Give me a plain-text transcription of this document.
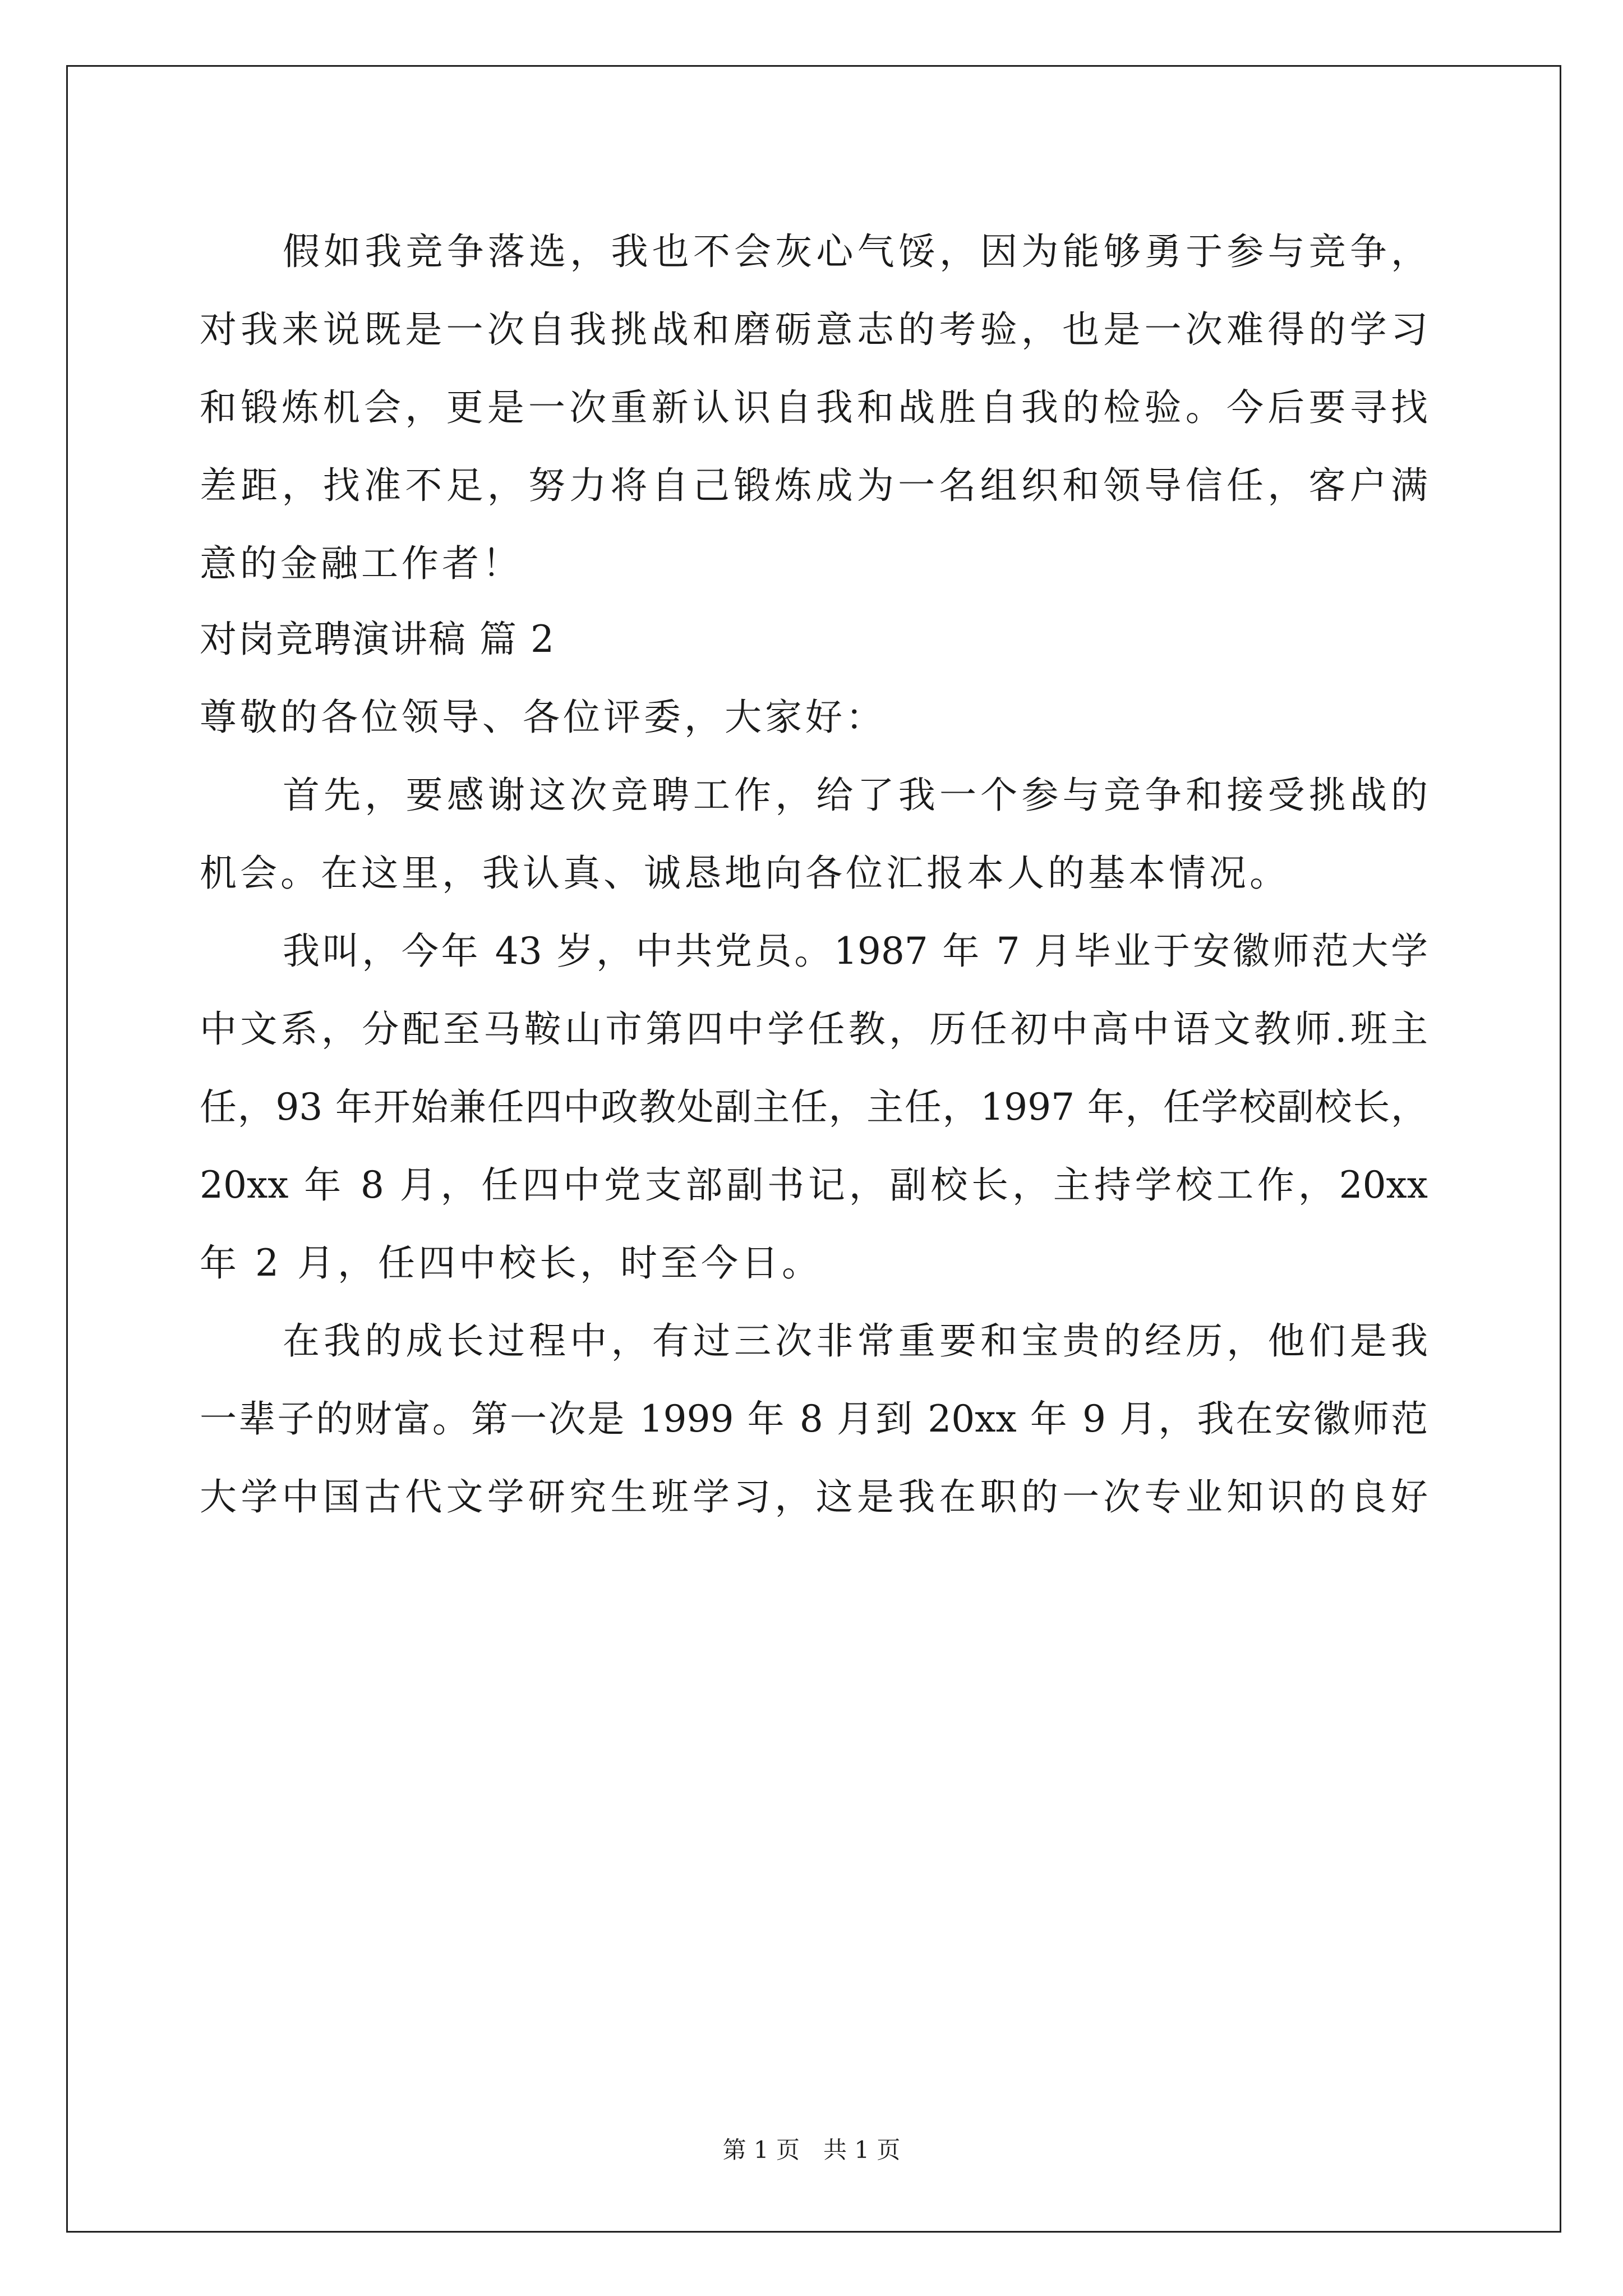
假如我竞争落选，我也不会灰心气馁，因为能够勇于参与竞争，
对我来说既是一次自我挑战和磨砺意志的考验，也是一次难得的学习
和锻炼机会，更是一次重新认识自我和战胜自我的检验。今后要寻找
差距，找准不足，努力将自己锻炼成为一名组织和领导信任，客户满
意的金融工作者！
对岗竞聘演讲稿 篇 2
尊敬的各位领导、各位评委，大家好：
首先，要感谢这次竞聘工作，给了我一个参与竞争和接受挑战的
机会。在这里，我认真、诚恳地向各位汇报本人的基本情况。
我叫，今年 43 岁，中共党员。1987 年 7 月毕业于安徽师范大学
中文系，分配至马鞍山市第四中学任教，历任初中高中语文教师.班主
任，93 年开始兼任四中政教处副主任，主任，1997 年，任学校副校长，
20xx 年 8 月，任四中党支部副书记，副校长，主持学校工作，20xx
年 2 月，任四中校长，时至今日。
在我的成长过程中，有过三次非常重要和宝贵的经历，他们是我
一辈子的财富。第一次是 1999 年 8 月到 20xx 年 9 月，我在安徽师范
大学中国古代文学研究生班学习，这是我在职的一次专业知识的良好
第 1 页　共 1 页
